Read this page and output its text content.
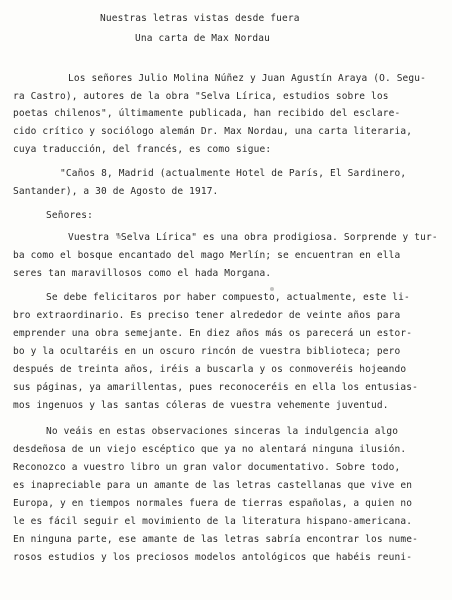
Nuestras letras vistas desde fuera
Una carta de Max Nordau
Los señores Julio Molina Núñez y Juan Agustín Araya (O. Segu-
ra Castro), autores de la obra "Selva Lírica, estudios sobre los
poetas chilenos", últimamente publicada, han recibido del esclare-
cido crítico y sociólogo alemán Dr. Max Nordau, una carta literaria,
cuya traducción, del francés, es como sigue:
"Caños 8, Madrid (actualmente Hotel de París, El Sardinero,
Santander), a 30 de Agosto de 1917.
Señores:
Vuestra "Selva Lírica" es una obra prodigiosa. Sorprende y tur-
ba como el bosque encantado del mago Merlín; se encuentran en ella
seres tan maravillosos como el hada Morgana.
Se debe felicitaros por haber compuesto, actualmente, este li-
bro extraordinario. Es preciso tener alrededor de veinte años para
emprender una obra semejante. En diez años más os parecerá un estor-
bo y la ocultaréis en un oscuro rincón de vuestra biblioteca; pero
después de treinta años, iréis a buscarla y os conmoveréis hojeando
sus páginas, ya amarillentas, pues reconoceréis en ella los entusias-
mos ingenuos y las santas cóleras de vuestra vehemente juventud.
No veáis en estas observaciones sinceras la indulgencia algo
desdeñosa de un viejo escéptico que ya no alentará ninguna ilusión.
Reconozco a vuestro libro un gran valor documentativo. Sobre todo,
es inapreciable para un amante de las letras castellanas que vive en
Europa, y en tiempos normales fuera de tierras españolas, a quien no
le es fácil seguir el movimiento de la literatura hispano-americana.
En ninguna parte, ese amante de las letras sabría encontrar los nume-
rosos estudios y los preciosos modelos antológicos que habéis reuni-
